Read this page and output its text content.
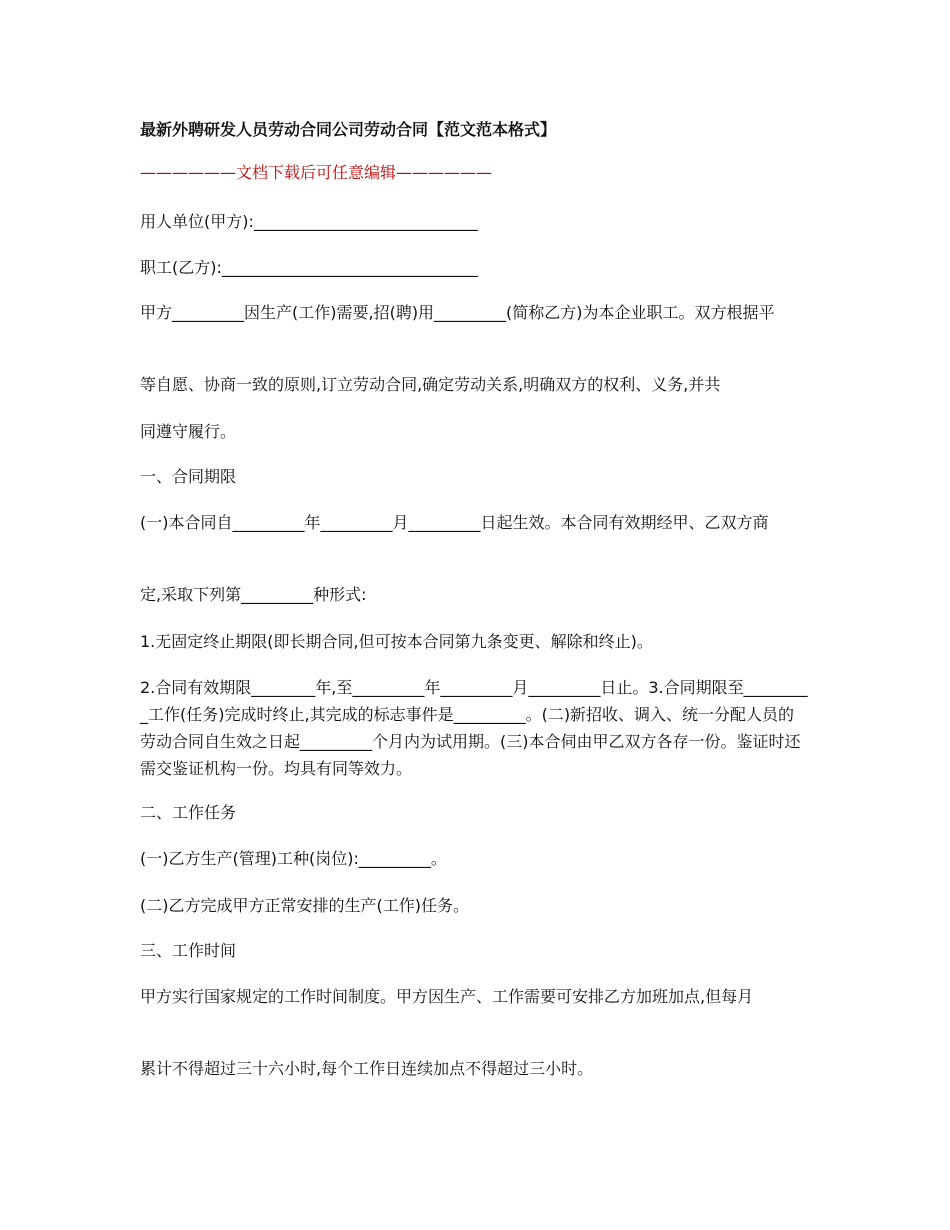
最新外聘研发人员劳动合同公司劳动合同【范文范本格式】
——————文档下载后可任意编辑——————
用人单位(甲方):____________________________
职工(乙方):________________________________
甲方_________因生产(工作)需要,招(聘)用_________(简称乙方)为本企业职工。双方根据平
等自愿、协商一致的原则,订立劳动合同,确定劳动关系,明确双方的权利、义务,并共
同遵守履行。
一、合同期限
(一)本合同自_________年_________月_________日起生效。本合同有效期经甲、乙双方商
定,采取下列第_________种形式:
1.无固定终止期限(即长期合同,但可按本合同第九条变更、解除和终止)。
2.合同有效期限________年,至_________年_________月_________日止。3.合同期限至_________工作(任务)完成时终止,其完成的标志事件是_________。(二)新招收、调入、统一分配人员的劳动合同自生效之日起_________个月内为试用期。(三)本合伺由甲乙双方各存一份。鉴证时还需交鉴证机构一份。均具有同等效力。
二、工作任务
(一)乙方生产(管理)工种(岗位):_________。
(二)乙方完成甲方正常安排的生产(工作)任务。
三、工作时间
甲方实行国家规定的工作时间制度。甲方因生产、工作需要可安排乙方加班加点,但每月
累计不得超过三十六小时,每个工作日连续加点不得超过三小时。
